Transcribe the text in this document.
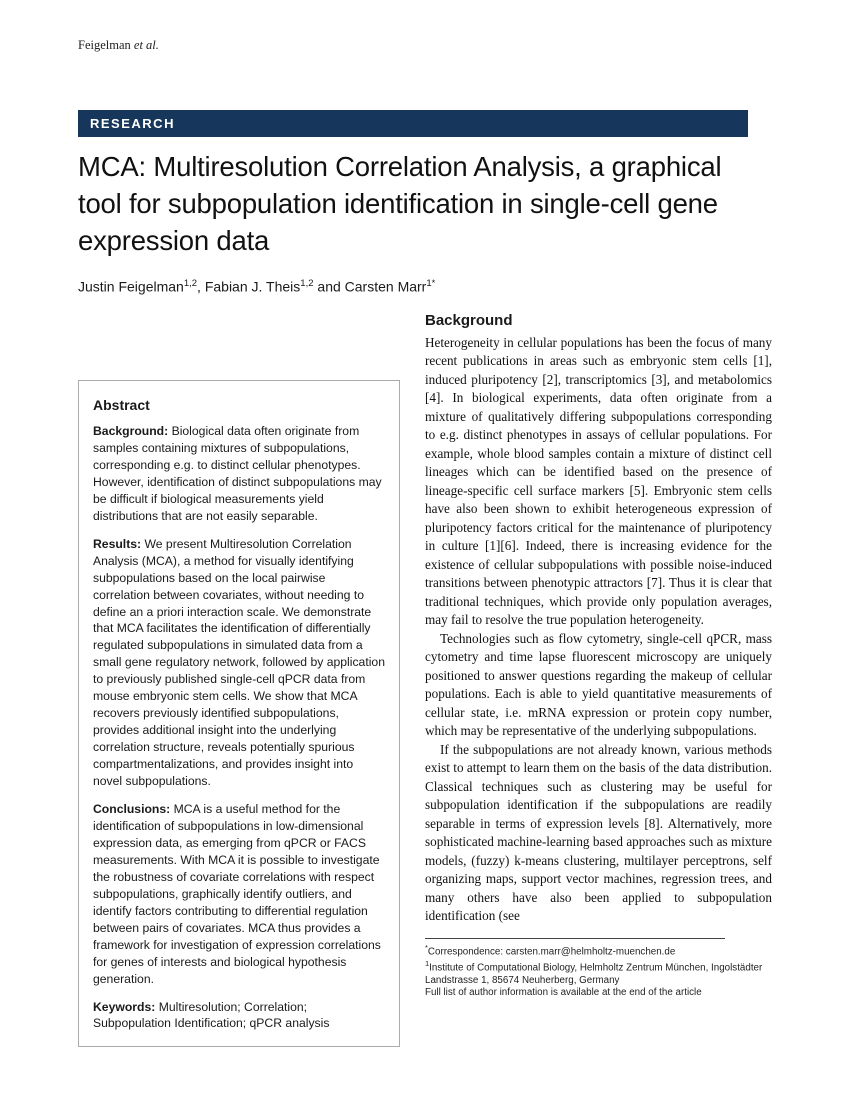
Feigelman et al.
RESEARCH
MCA: Multiresolution Correlation Analysis, a graphical tool for subpopulation identification in single-cell gene expression data
Justin Feigelman$^{1,2}$, Fabian J. Theis$^{1,2}$ and Carsten Marr$^{1*}$
Abstract

Background: Biological data often originate from samples containing mixtures of subpopulations, corresponding e.g. to distinct cellular phenotypes. However, identification of distinct subpopulations may be difficult if biological measurements yield distributions that are not easily separable.

Results: We present Multiresolution Correlation Analysis (MCA), a method for visually identifying subpopulations based on the local pairwise correlation between covariates, without needing to define an a priori interaction scale. We demonstrate that MCA facilitates the identification of differentially regulated subpopulations in simulated data from a small gene regulatory network, followed by application to previously published single-cell qPCR data from mouse embryonic stem cells. We show that MCA recovers previously identified subpopulations, provides additional insight into the underlying correlation structure, reveals potentially spurious compartmentalizations, and provides insight into novel subpopulations.

Conclusions: MCA is a useful method for the identification of subpopulations in low-dimensional expression data, as emerging from qPCR or FACS measurements. With MCA it is possible to investigate the robustness of covariate correlations with respect subpopulations, graphically identify outliers, and identify factors contributing to differential regulation between pairs of covariates. MCA thus provides a framework for investigation of expression correlations for genes of interests and biological hypothesis generation.

Keywords: Multiresolution; Correlation; Subpopulation Identification; qPCR analysis

Background

Heterogeneity in cellular populations has been the focus of many recent publications in areas such as embryonic stem cells [1], induced pluripotency [2], transcriptomics [3], and metabolomics [4]. In biological experiments, data often originate from a mixture of qualitatively differing subpopulations corresponding to e.g. distinct phenotypes in assays of cellular populations. For example, whole blood samples contain a mixture of distinct cell lineages which can be identified based on the presence of lineage-specific cell surface markers [5]. Embryonic stem cells have also been shown to exhibit heterogeneous expression of pluripotency factors critical for the maintenance of pluripotency in culture [1][6]. Indeed, there is increasing evidence for the existence of cellular subpopulations with possible noise-induced transitions between phenotypic attractors [7]. Thus it is clear that traditional techniques, which provide only population averages, may fail to resolve the true population heterogeneity.

Technologies such as flow cytometry, single-cell qPCR, mass cytometry and time lapse fluorescent microscopy are uniquely positioned to answer questions regarding the makeup of cellular populations. Each is able to yield quantitative measurements of cellular state, i.e. mRNA expression or protein copy number, which may be representative of the underlying subpopulations.

If the subpopulations are not already known, various methods exist to attempt to learn them on the basis of the data distribution. Classical techniques such as clustering may be useful for subpopulation identification if the subpopulations are readily separable in terms of expression levels [8]. Alternatively, more sophisticated machine-learning based approaches such as mixture models, (fuzzy) k-means clustering, multilayer perceptrons, self organizing maps, support vector machines, regression trees, and many others have also been applied to subpopulation identification (see

*Correspondence: carsten.marr@helmholtz-muenchen.de

$^1$Institute of Computational Biology, Helmholtz Zentrum München, Ingolstädter Landstrasse 1, 85674 Neuherberg, Germany

Full list of author information is available at the end of the article
